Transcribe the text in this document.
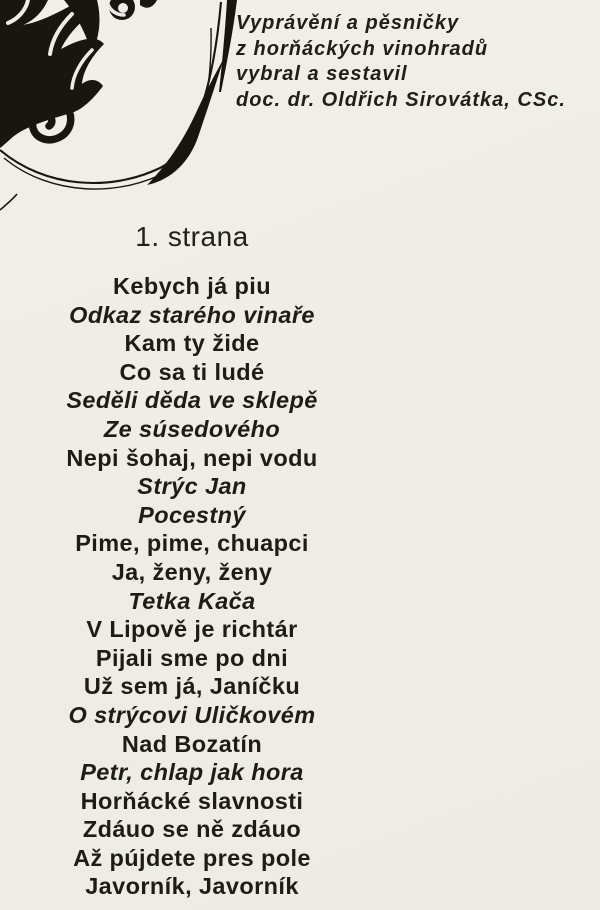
Vyprávění a pěsničky
z horňáckých vinohradů
vybral a sestavil
doc. dr. Oldřich Sirovátka, CSc.
1. strana
Kebych já piu
Odkaz starého vinaře
Kam ty žide
Co sa ti ludé
Seděli děda ve sklepě
Ze súsedového
Nepi šohaj, nepi vodu
Strýc Jan
Pocestný
Pime, pime, chuapci
Ja, ženy, ženy
Tetka Kača
V Lipově je richtár
Pijali sme po dni
Už sem já, Janíčku
O strýcovi Uličkovém
Nad Bozatín
Petr, chlap jak hora
Horňácké slavnosti
Zdáuo se ně zdáuo
Až pújdete pres pole
Javorník, Javorník
